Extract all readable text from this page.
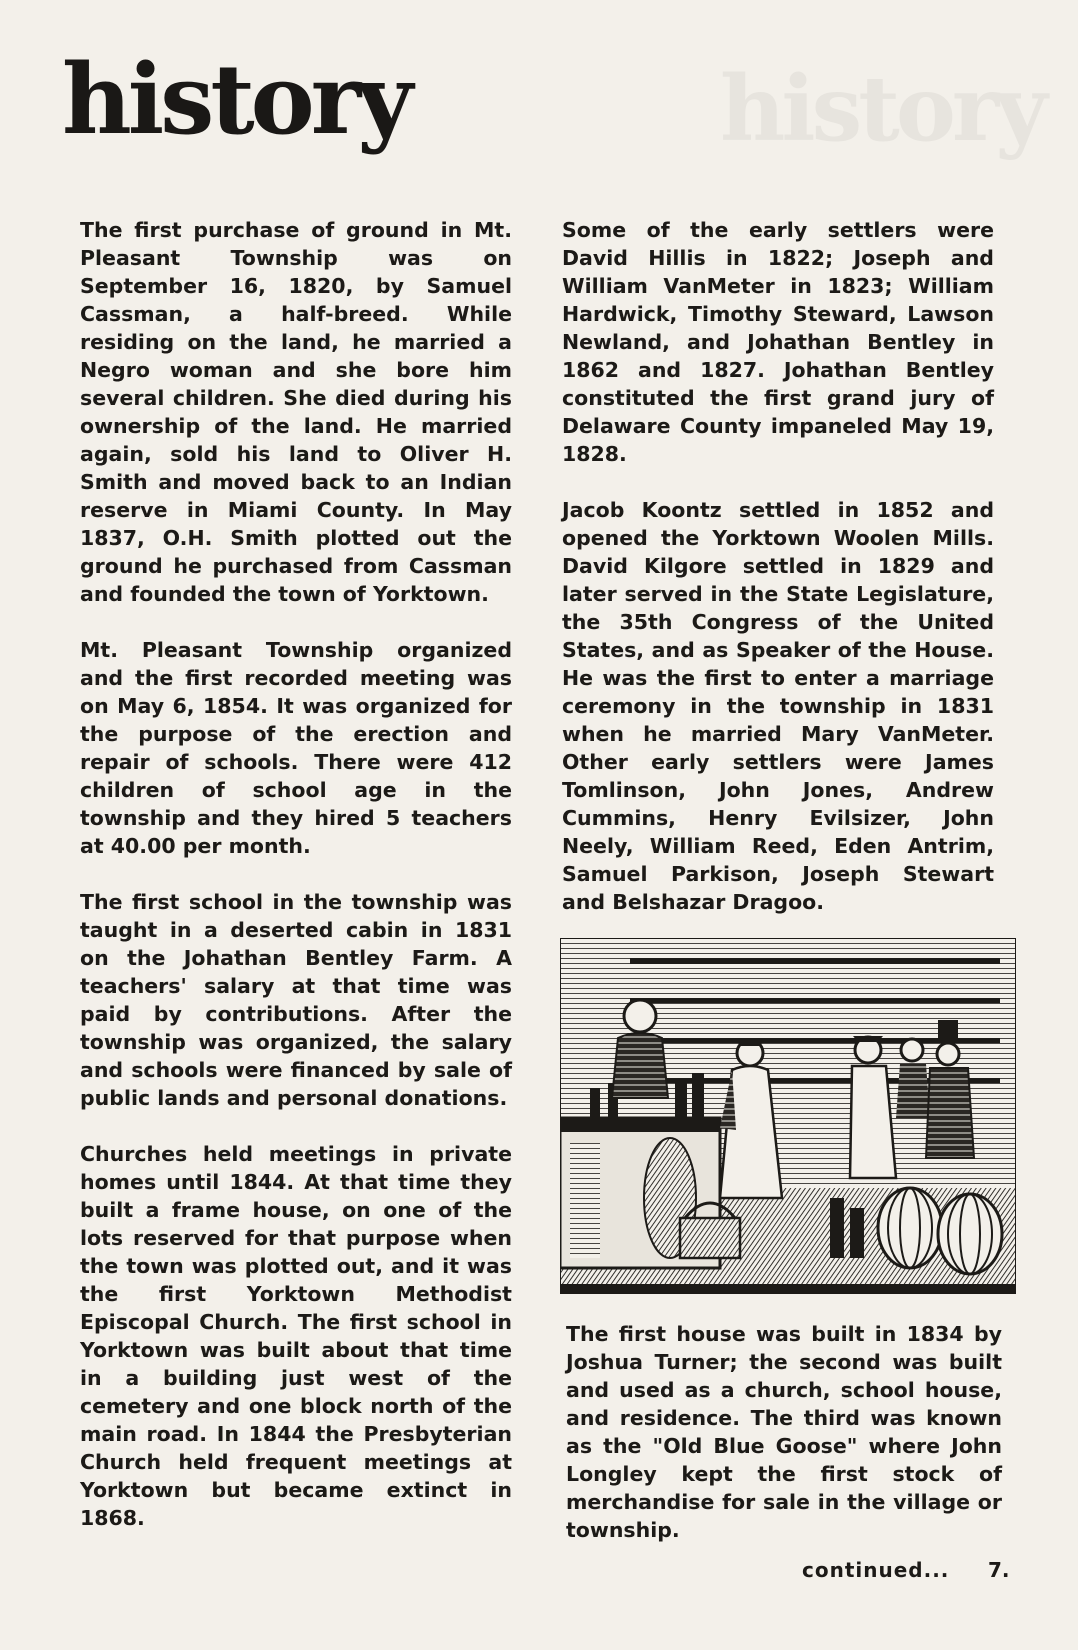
history
history

The first purchase of ground in Mt. Pleasant Township was on September 16, 1820, by Samuel Cassman, a half-breed. While residing on the land, he married a Negro woman and she bore him several children. She died during his ownership of the land. He married again, sold his land to Oliver H. Smith and moved back to an Indian reserve in Miami County. In May 1837, O.H. Smith plotted out the ground he purchased from Cassman and founded the town of Yorktown.

Mt. Pleasant Township organized and the first recorded meeting was on May 6, 1854. It was organized for the purpose of the erection and repair of schools. There were 412 children of school age in the township and they hired 5 teachers at 40.00 per month.

The first school in the township was taught in a deserted cabin in 1831 on the Johathan Bentley Farm. A teachers' salary at that time was paid by contributions. After the township was organized, the salary and schools were financed by sale of public lands and personal donations.

Churches held meetings in private homes until 1844. At that time they built a frame house, on one of the lots reserved for that purpose when the town was plotted out, and it was the first Yorktown Methodist Episcopal Church. The first school in Yorktown was built about that time in a building just west of the cemetery and one block north of the main road. In 1844 the Presbyterian Church held frequent meetings at Yorktown but became extinct in 1868.

Some of the early settlers were David Hillis in 1822; Joseph and William VanMeter in 1823; William Hardwick, Timothy Steward, Lawson Newland, and Johathan Bentley in 1862 and 1827. Johathan Bentley constituted the first grand jury of Delaware County impaneled May 19, 1828.

Jacob Koontz settled in 1852 and opened the Yorktown Woolen Mills. David Kilgore settled in 1829 and later served in the State Legislature, the 35th Congress of the United States, and as Speaker of the House. He was the first to enter a marriage ceremony in the township in 1831 when he married Mary VanMeter. Other early settlers were James Tomlinson, John Jones, Andrew Cummins, Henry Evilsizer, John Neely, William Reed, Eden Antrim, Samuel Parkison, Joseph Stewart and Belshazar Dragoo.

The first house was built in 1834 by Joshua Turner; the second was built and used as a church, school house, and residence. The third was known as the "Old Blue Goose" where John Longley kept the first stock of merchandise for sale in the village or township.

continued... 7.
